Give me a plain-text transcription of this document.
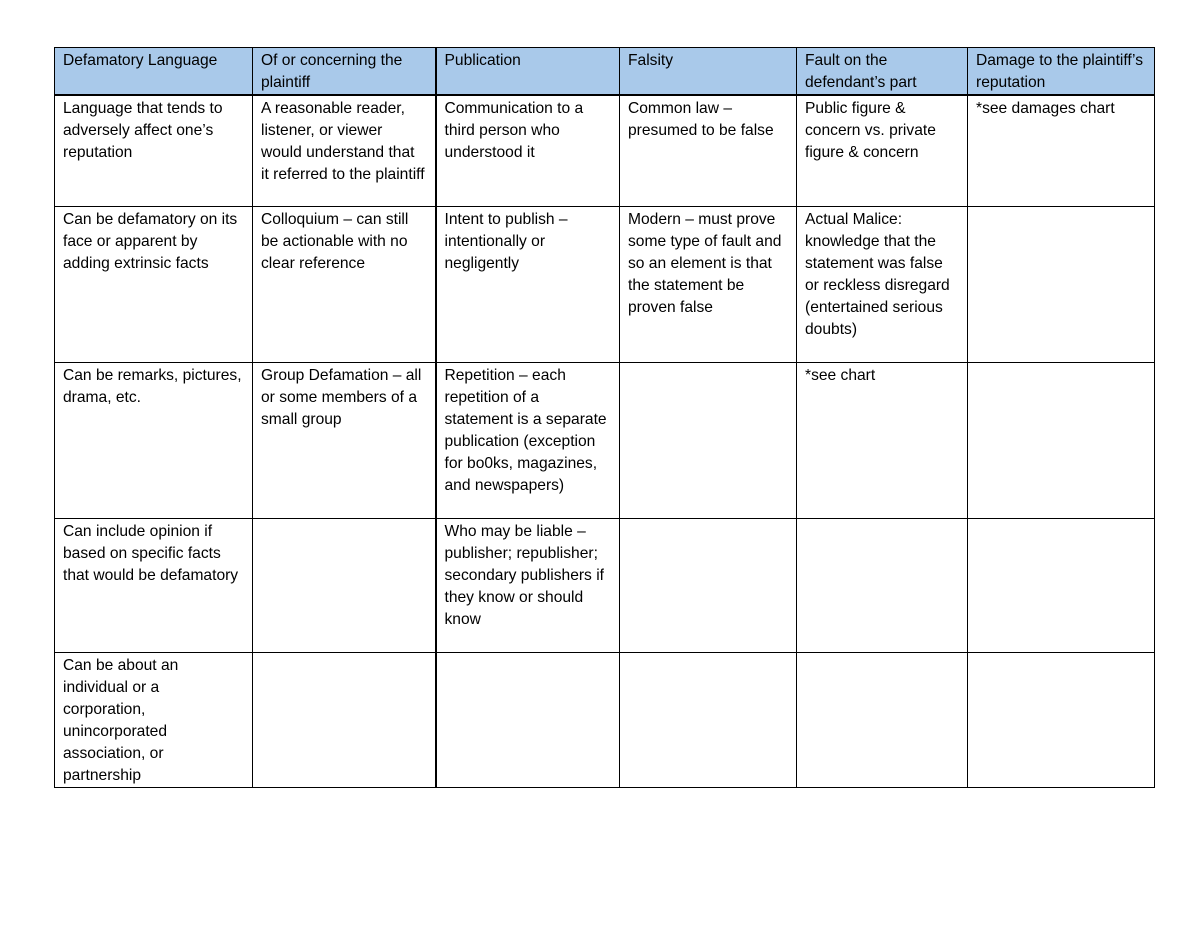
Defamatory Language	Of or concerning the plaintiff	Publication	Falsity	Fault on the defendant’s part	Damage to the plaintiff’s reputation
Language that tends to adversely affect one’s reputation	A reasonable reader, listener, or viewer would understand that it referred to the plaintiff	Communication to a third person who understood it	Common law – presumed to be false	Public figure & concern vs. private figure & concern	*see damages chart
Can be defamatory on its face or apparent by adding extrinsic facts	Colloquium – can still be actionable with no clear reference	Intent to publish – intentionally or negligently	Modern – must prove some type of fault and so an element is that the statement be proven false	Actual Malice: knowledge that the statement was false or reckless disregard (entertained serious doubts)	
Can be remarks, pictures, drama, etc.	Group Defamation – all or some members of a small group	Repetition – each repetition of a statement is a separate publication (exception for bo0ks, magazines, and newspapers)		*see chart	
Can include opinion if based on specific facts that would be defamatory		Who may be liable – publisher; republisher; secondary publishers if they know or should know			
Can be about an individual or a corporation, unincorporated association, or partnership					
